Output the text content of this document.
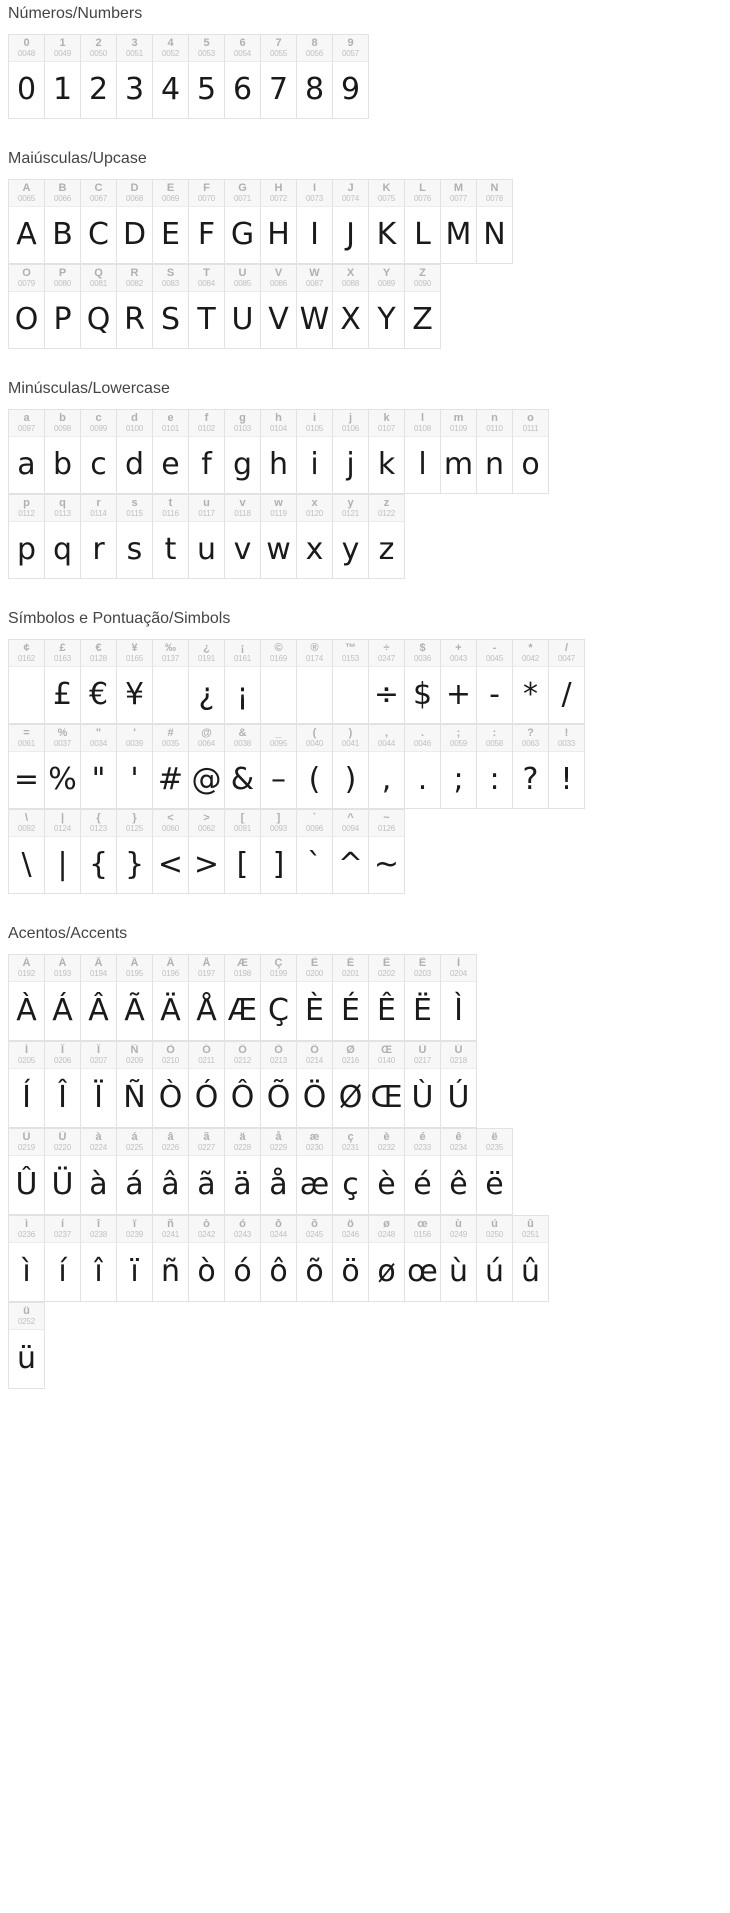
Números/Numbers
0
0048
0
1
0049
1
2
0050
2
3
0051
3
4
0052
4
5
0053
5
6
0054
6
7
0055
7
8
0056
8
9
0057
9
Maiúsculas/Upcase
A
0065
A
B
0066
B
C
0067
C
D
0068
D
E
0069
E
F
0070
F
G
0071
G
H
0072
H
I
0073
I
J
0074
J
K
0075
K
L
0076
L
M
0077
M
N
0078
N
O
0079
O
P
0080
P
Q
0081
Q
R
0082
R
S
0083
S
T
0084
T
U
0085
U
V
0086
V
W
0087
W
X
0088
X
Y
0089
Y
Z
0090
Z
Minúsculas/Lowercase
a
0097
a
b
0098
b
c
0099
c
d
0100
d
e
0101
e
f
0102
f
g
0103
g
h
0104
h
i
0105
i
j
0106
j
k
0107
k
l
0108
l
m
0109
m
n
0110
n
o
0111
o
p
0112
p
q
0113
q
r
0114
r
s
0115
s
t
0116
t
u
0117
u
v
0118
v
w
0119
w
x
0120
x
y
0121
y
z
0122
z
Símbolos e Pontuação/Simbols
¢
0162
£
0163
£
€
0128
€
¥
0165
¥
‰
0137
¿
0191
¿
¡
0161
¡
©
0169
®
0174
™
0153
÷
0247
÷
$
0036
$
+
0043
+
-
0045
-
*
0042
*
/
0047
/
=
0061
=
%
0037
%
"
0034
"
'
0039
'
#
0035
#
@
0064
@
&
0038
&
_
0095
–
(
0040
(
)
0041
)
,
0044
,
.
0046
.
;
0059
;
:
0058
:
?
0063
?
!
0033
!
\
0092
\
|
0124
|
{
0123
{
}
0125
}
<
0060
<
>
0062
>
[
0091
[
]
0093
]
`
0096
`
^
0094
^
~
0126
~
Acentos/Accents
À
0192
À
Á
0193
Á
Â
0194
Â
Ã
0195
Ã
Ä
0196
Ä
Å
0197
Å
Æ
0198
Æ
Ç
0199
Ç
È
0200
È
É
0201
É
Ê
0202
Ê
Ë
0203
Ë
Ì
0204
Ì
Í
0205
Í
Î
0206
Î
Ï
0207
Ï
Ñ
0209
Ñ
Ò
0210
Ò
Ó
0211
Ó
Ô
0212
Ô
Õ
0213
Õ
Ö
0214
Ö
Ø
0216
Ø
Œ
0140
Œ
Ù
0217
Ù
Ú
0218
Ú
Û
0219
Û
Ü
0220
Ü
à
0224
à
á
0225
á
â
0226
â
ã
0227
ã
ä
0228
ä
å
0229
å
æ
0230
æ
ç
0231
ç
è
0232
è
é
0233
é
ê
0234
ê
ë
0235
ë
ì
0236
ì
í
0237
í
î
0238
î
ï
0239
ï
ñ
0241
ñ
ò
0242
ò
ó
0243
ó
ô
0244
ô
õ
0245
õ
ö
0246
ö
ø
0248
ø
œ
0156
œ
ù
0249
ù
ú
0250
ú
û
0251
û
ü
0252
ü
